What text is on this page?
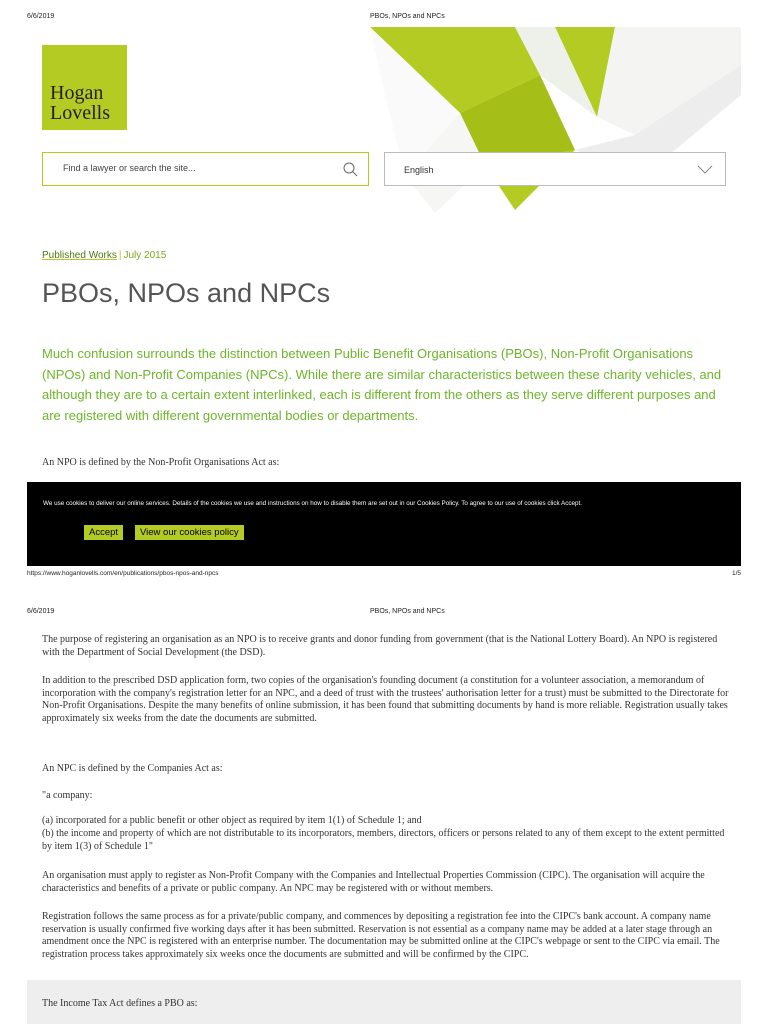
6/6/2019	PBOs, NPOs and NPCs
Hogan
Lovells
Find a lawyer or search the site...
English
Published Works | July 2015
PBOs, NPOs and NPCs
Much confusion surrounds the distinction between Public Benefit Organisations (PBOs), Non-Profit Organisations (NPOs) and Non-Profit Companies (NPCs). While there are similar characteristics between these charity vehicles, and although they are to a certain extent interlinked, each is different from the others as they serve different purposes and are registered with different governmental bodies or departments.
An NPO is defined by the Non-Profit Organisations Act as:
We use cookies to deliver our online services. Details of the cookies we use and instructions on how to disable them are set out in our Cookies Policy. To agree to our use of cookies click Accept.
Accept	View our cookies policy
https://www.hoganlovells.com/en/publications/pbos-npos-and-npcs	1/5
6/6/2019	PBOs, NPOs and NPCs
The purpose of registering an organisation as an NPO is to receive grants and donor funding from government (that is the National Lottery Board). An NPO is registered with the Department of Social Development (the DSD).
In addition to the prescribed DSD application form, two copies of the organisation's founding document (a constitution for a volunteer association, a memorandum of incorporation with the company's registration letter for an NPC, and a deed of trust with the trustees' authorisation letter for a trust) must be submitted to the Directorate for Non-Profit Organisations. Despite the many benefits of online submission, it has been found that submitting documents by hand is more reliable. Registration usually takes approximately six weeks from the date the documents are submitted.
An NPC is defined by the Companies Act as:
"a company:
(a) incorporated for a public benefit or other object as required by item 1(1) of Schedule 1; and
(b) the income and property of which are not distributable to its incorporators, members, directors, officers or persons related to any of them except to the extent permitted by item 1(3) of Schedule 1"
An organisation must apply to register as Non-Profit Company with the Companies and Intellectual Properties Commission (CIPC). The organisation will acquire the characteristics and benefits of a private or public company. An NPC may be registered with or without members.
Registration follows the same process as for a private/public company, and commences by depositing a registration fee into the CIPC's bank account. A company name reservation is usually confirmed five working days after it has been submitted. Reservation is not essential as a company name may be added at a later stage through an amendment once the NPC is registered with an enterprise number. The documentation may be submitted online at the CIPC's webpage or sent to the CIPC via email. The registration process takes approximately six weeks once the documents are submitted and will be confirmed by the CIPC.
The Income Tax Act defines a PBO as:
